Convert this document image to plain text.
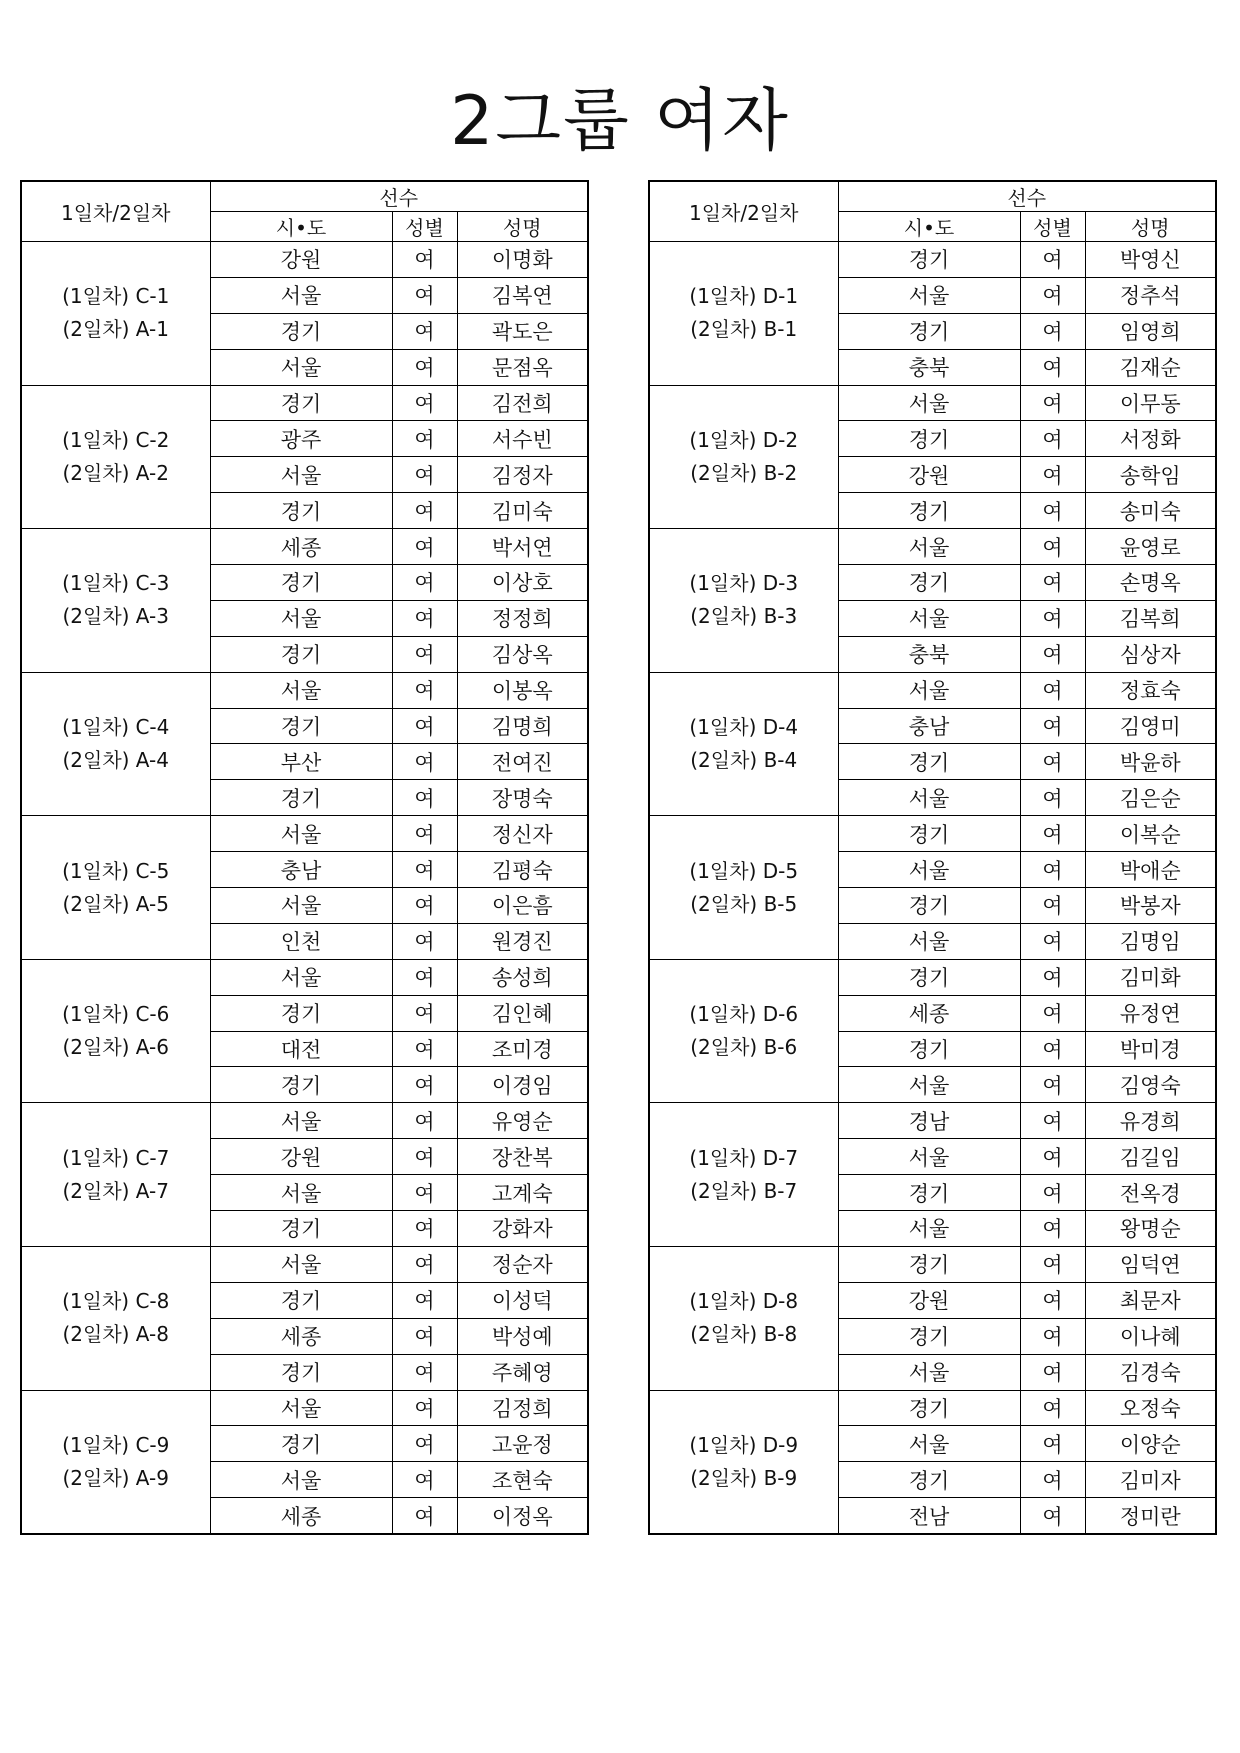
2그룹 여자
1일차/2일차	선수		
	시•도	성별	성명

(1일차) C-1
(2일차) A-1	강원	여	이명화
	서울	여	김복연
	경기	여	곽도은
	서울	여	문점옥

(1일차) C-2
(2일차) A-2	경기	여	김전희
	광주	여	서수빈
	서울	여	김정자
	경기	여	김미숙

(1일차) C-3
(2일차) A-3	세종	여	박서연
	경기	여	이상호
	서울	여	정정희
	경기	여	김상옥

(1일차) C-4
(2일차) A-4	서울	여	이봉옥
	경기	여	김명희
	부산	여	전여진
	경기	여	장명숙

(1일차) C-5
(2일차) A-5	서울	여	정신자
	충남	여	김평숙
	서울	여	이은흠
	인천	여	원경진

(1일차) C-6
(2일차) A-6	서울	여	송성희
	경기	여	김인혜
	대전	여	조미경
	경기	여	이경임

(1일차) C-7
(2일차) A-7	서울	여	유영순
	강원	여	장찬복
	서울	여	고계숙
	경기	여	강화자

(1일차) C-8
(2일차) A-8	서울	여	정순자
	경기	여	이성덕
	세종	여	박성예
	경기	여	주혜영

(1일차) C-9
(2일차) A-9	서울	여	김정희
	경기	여	고윤정
	서울	여	조현숙
	세종	여	이정옥
1일차/2일차	선수		
	시•도	성별	성명

(1일차) D-1
(2일차) B-1	경기	여	박영신
	서울	여	정추석
	경기	여	임영희
	충북	여	김재순

(1일차) D-2
(2일차) B-2	서울	여	이무동
	경기	여	서정화
	강원	여	송학임
	경기	여	송미숙

(1일차) D-3
(2일차) B-3	서울	여	윤영로
	경기	여	손명옥
	서울	여	김복희
	충북	여	심상자

(1일차) D-4
(2일차) B-4	서울	여	정효숙
	충남	여	김영미
	경기	여	박윤하
	서울	여	김은순

(1일차) D-5
(2일차) B-5	경기	여	이복순
	서울	여	박애순
	경기	여	박봉자
	서울	여	김명임

(1일차) D-6
(2일차) B-6	경기	여	김미화
	세종	여	유정연
	경기	여	박미경
	서울	여	김영숙

(1일차) D-7
(2일차) B-7	경남	여	유경희
	서울	여	김길임
	경기	여	전옥경
	서울	여	왕명순

(1일차) D-8
(2일차) B-8	경기	여	임덕연
	강원	여	최문자
	경기	여	이나혜
	서울	여	김경숙

(1일차) D-9
(2일차) B-9	경기	여	오정숙
	서울	여	이양순
	경기	여	김미자
	전남	여	정미란
